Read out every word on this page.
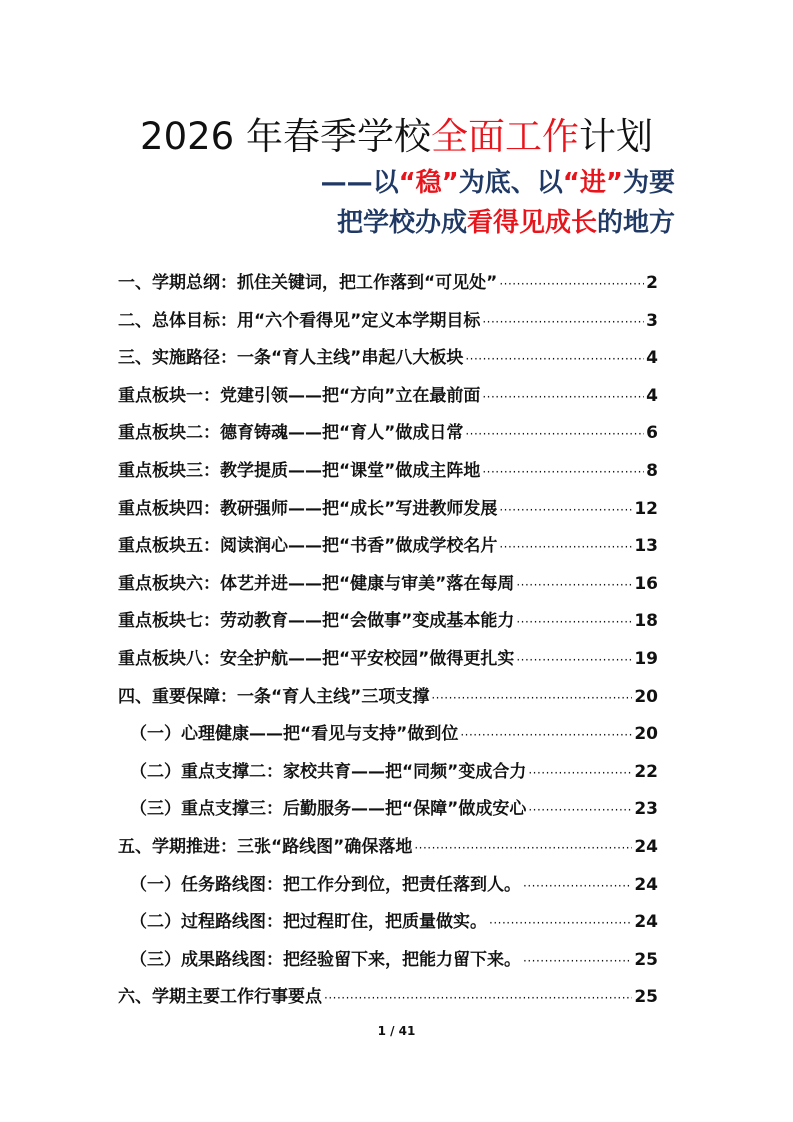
2026 年春季学校全面工作计划
——以“稳”为底、以“进”为要
把学校办成看得见成长的地方
一、学期总纲：抓住关键词，把工作落到“可见处” ·····	2
二、总体目标：用“六个看得见”定义本学期目标 ·····	3
三、实施路径：一条“育人主线”串起八大板块 ·····	4
重点板块一：党建引领——把“方向”立在最前面 ·····	4
重点板块二：德育铸魂——把“育人”做成日常 ·····	6
重点板块三：教学提质——把“课堂”做成主阵地 ·····	8
重点板块四：教研强师——把“成长”写进教师发展 ·····	12
重点板块五：阅读润心——把“书香”做成学校名片 ·····	13
重点板块六：体艺并进——把“健康与审美”落在每周 ·····	16
重点板块七：劳动教育——把“会做事”变成基本能力 ·····	18
重点板块八：安全护航——把“平安校园”做得更扎实 ·····	19
四、重要保障：一条“育人主线”三项支撑 ·····	20
（一）心理健康——把“看见与支持”做到位 ·····	20
（二）重点支撑二：家校共育——把“同频”变成合力 ·····	22
（三）重点支撑三：后勤服务——把“保障”做成安心 ·····	23
五、学期推进：三张“路线图”确保落地 ·····	24
（一）任务路线图：把工作分到位，把责任落到人。 ·····	24
（二）过程路线图：把过程盯住，把质量做实。 ·····	24
（三）成果路线图：把经验留下来，把能力留下来。 ·····	25
六、学期主要工作行事要点 ·····	25
1 / 41
